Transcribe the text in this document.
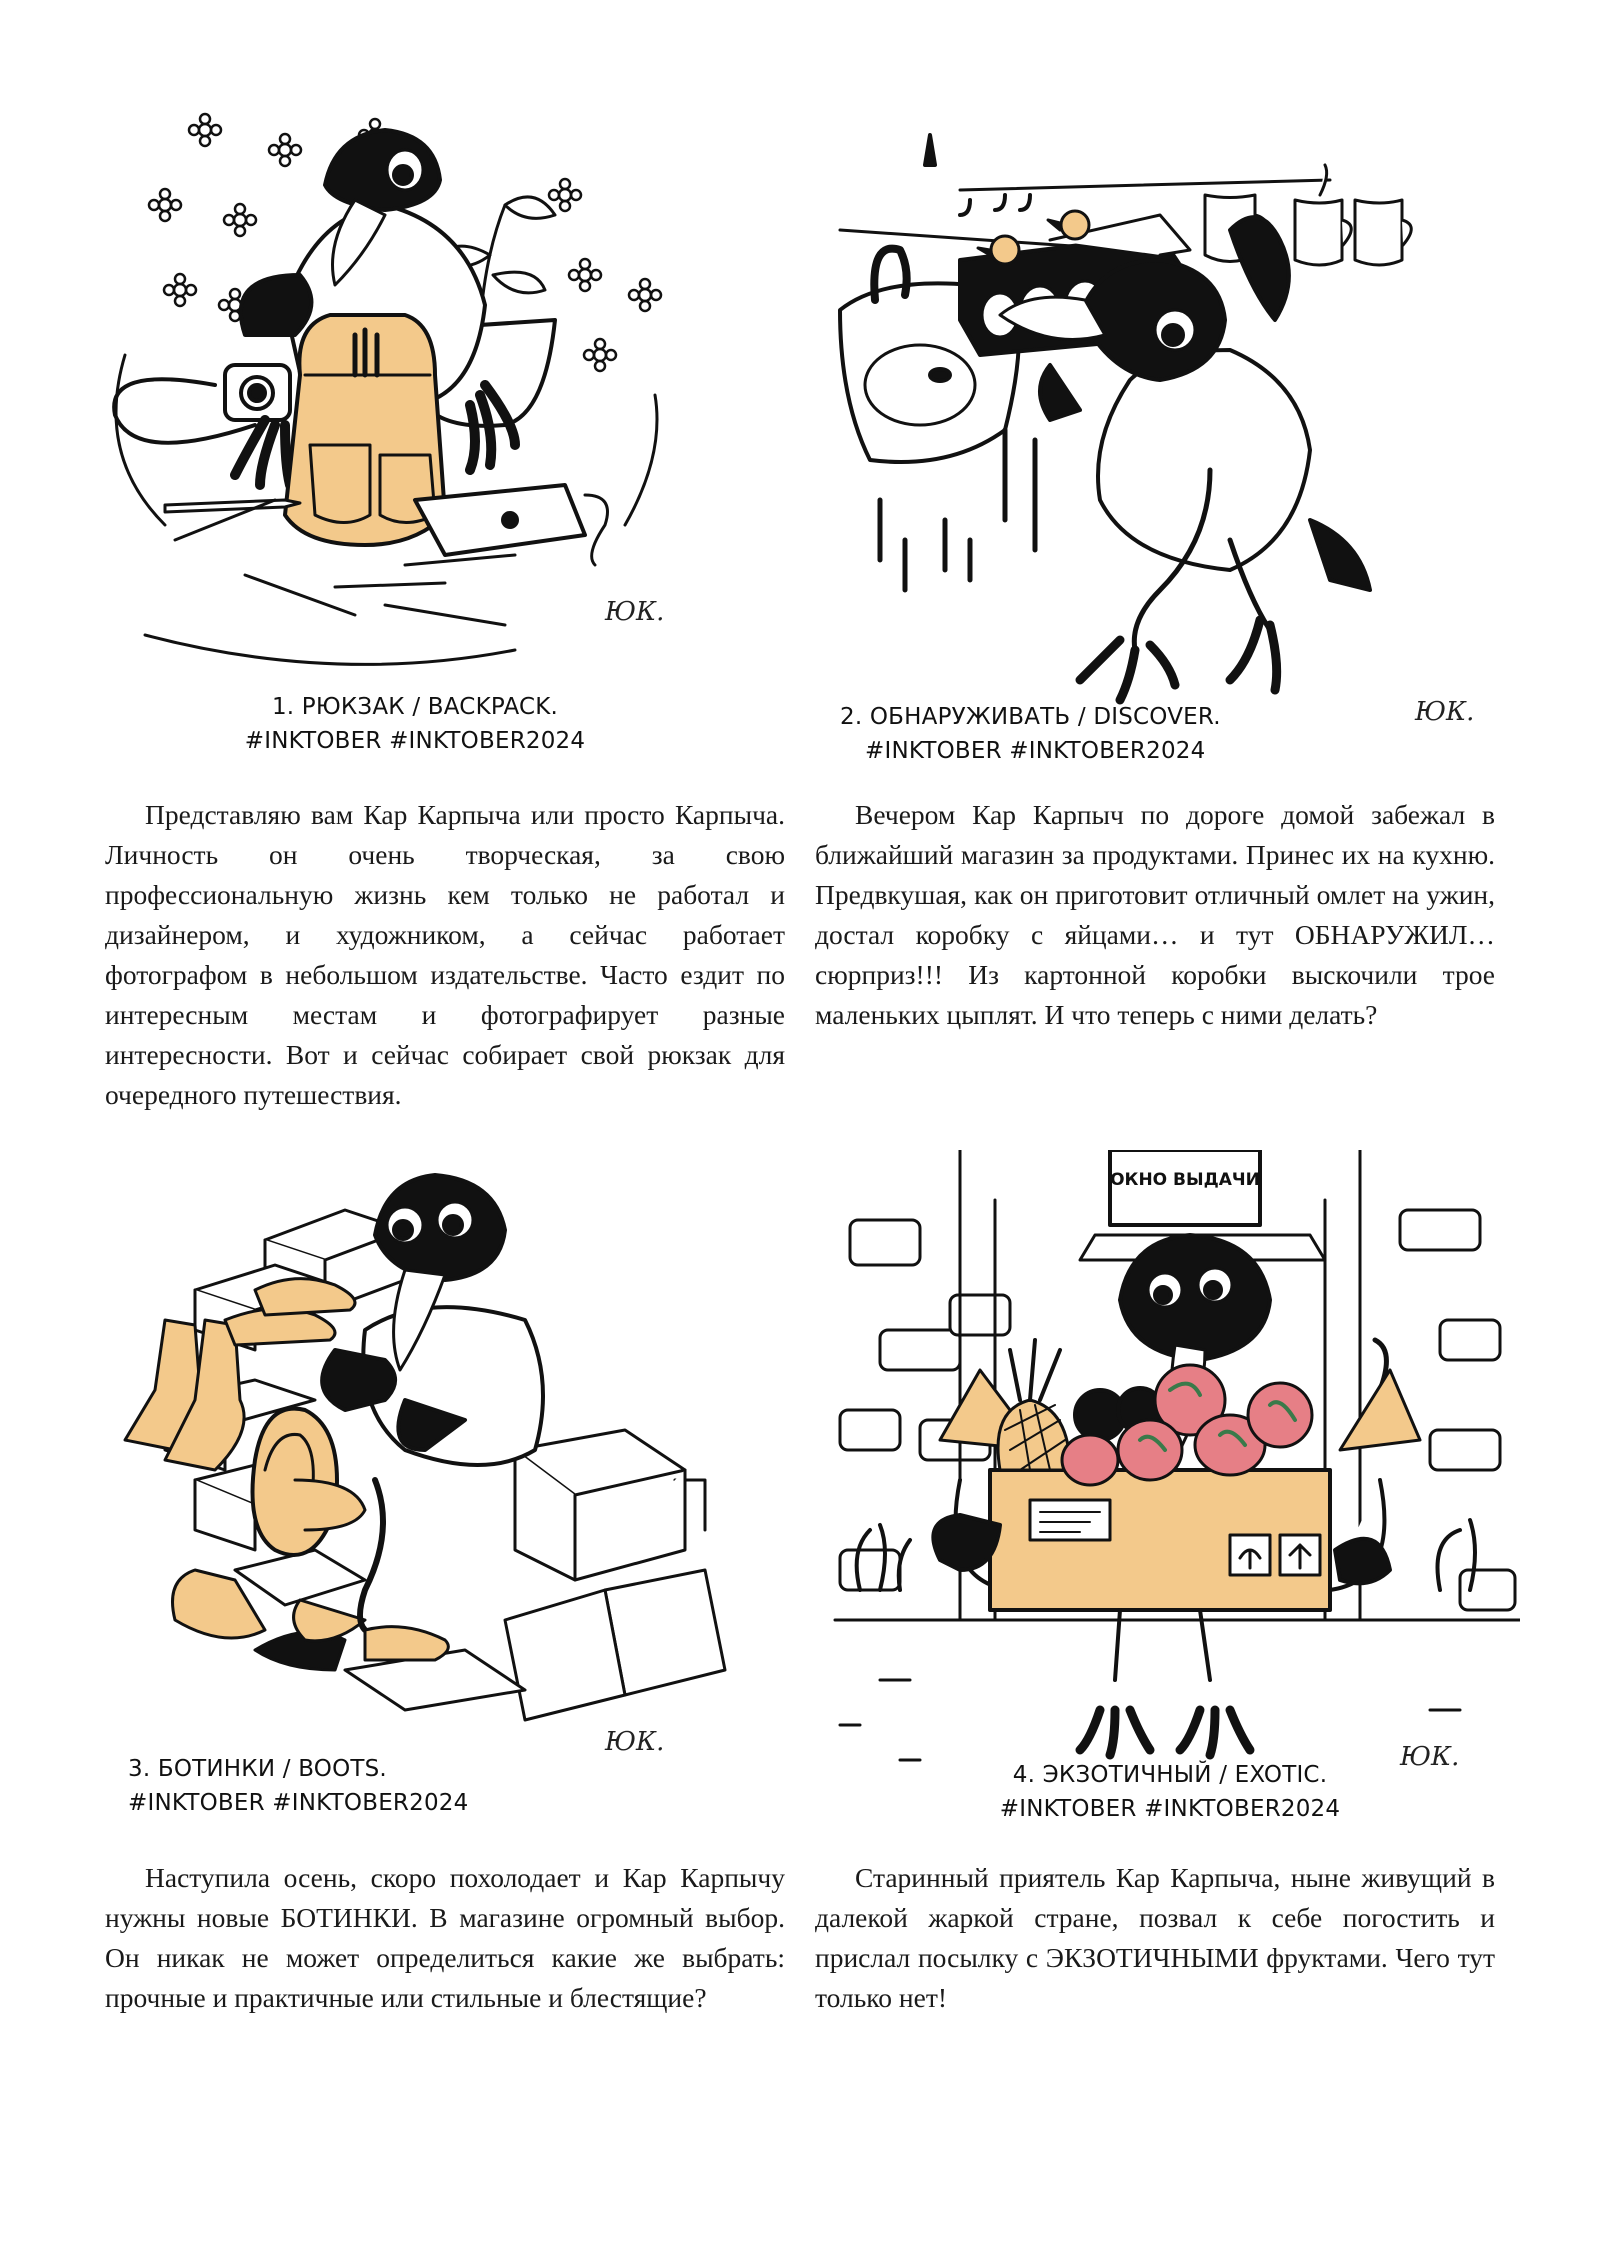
ЮК.
1. РЮКЗАК / BACKPACK.
#INKTOBER #INKTOBER2024

Представляю вам Кар Карпыча или просто Карпыча. Личность он очень творческая, за свою профессиональную жизнь кем только не работал и дизайнером, и художником, а сейчас работает фотографом в небольшом издательстве. Часто ездит по интересным местам и фотографирует разные интересности. Вот и сейчас собирает свой рюкзак для очередного путешествия.

ЮК.
2. ОБНАРУЖИВАТЬ / DISCOVER.
#INKTOBER #INKTOBER2024

Вечером Кар Карпыч по дороге домой забежал в ближайший магазин за продуктами. Принес их на кухню. Предвкушая, как он приготовит отличный омлет на ужин, достал коробку с яйцами… и тут ОБНАРУЖИЛ… сюрприз!!! Из картонной коробки выскочили трое маленьких цыплят. И что теперь с ними делать?

ЮК.
3. БОТИНКИ / BOOTS.
#INKTOBER #INKTOBER2024

Наступила осень, скоро похолодает и Кар Карпычу нужны новые БОТИНКИ. В магазине огромный выбор. Он никак не может определиться какие же выбрать: прочные и практичные или стильные и блестящие?

ОКНО ВЫДАЧИ
ЮК.
4. ЭКЗОТИЧНЫЙ / EXOTIC.
#INKTOBER #INKTOBER2024

Старинный приятель Кар Карпыча, ныне живущий в далекой жаркой стране, позвал к себе погостить и прислал посылку с ЭКЗОТИЧНЫМИ фруктами. Чего тут только нет!
